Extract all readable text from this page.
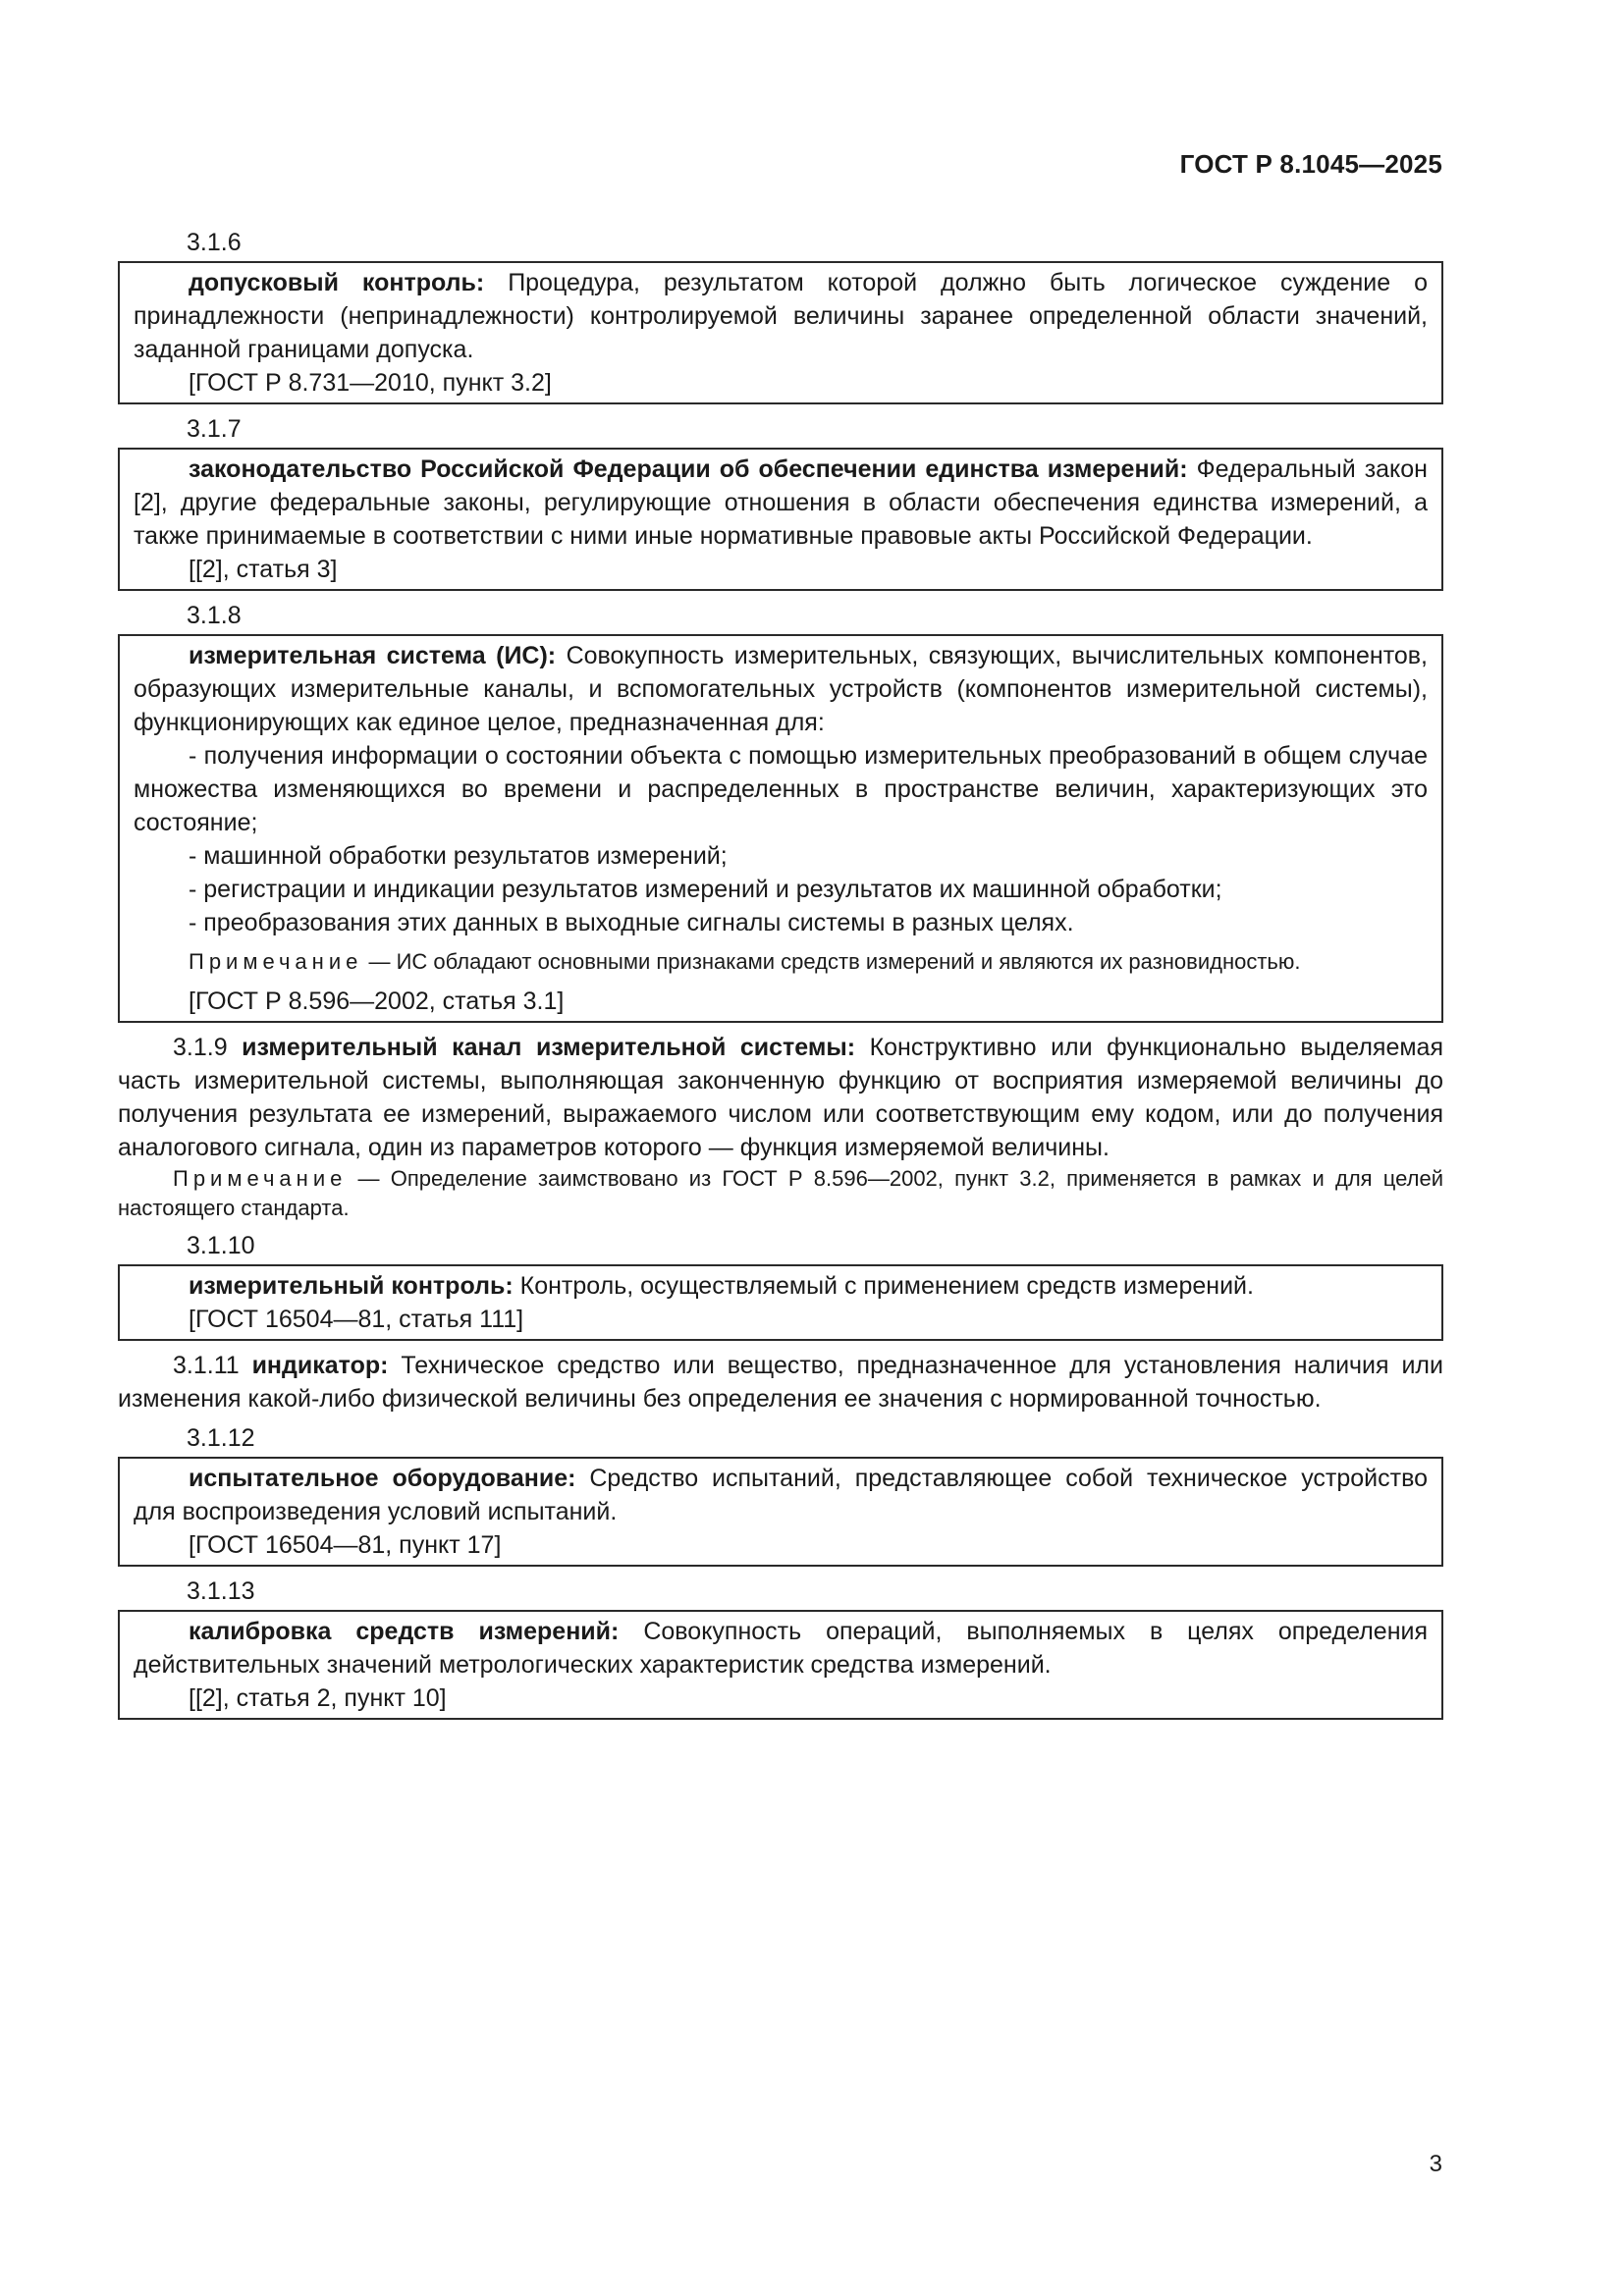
ГОСТ Р 8.1045—2025
3.1.6

допусковый контроль: Процедура, результатом которой должно быть логическое суждение о принадлежности (непринадлежности) контролируемой величины заранее определенной области значений, заданной границами допуска.

[ГОСТ Р 8.731—2010, пункт 3.2]

3.1.7

законодательство Российской Федерации об обеспечении единства измерений: Федеральный закон [2], другие федеральные законы, регулирующие отношения в области обеспечения единства измерений, а также принимаемые в соответствии с ними иные нормативные правовые акты Российской Федерации.

[[2], статья 3]

3.1.8

измерительная система (ИС): Совокупность измерительных, связующих, вычислительных компонентов, образующих измерительные каналы, и вспомогательных устройств (компонентов измерительной системы), функционирующих как единое целое, предназначенная для:

- получения информации о состоянии объекта с помощью измерительных преобразований в общем случае множества изменяющихся во времени и распределенных в пространстве величин, характеризующих это состояние;

- машинной обработки результатов измерений;

- регистрации и индикации результатов измерений и результатов их машинной обработки;

- преобразования этих данных в выходные сигналы системы в разных целях.

Примечание — ИС обладают основными признаками средств измерений и являются их разновидностью.

[ГОСТ Р 8.596—2002, статья 3.1]

3.1.9 измерительный канал измерительной системы: Конструктивно или функционально выделяемая часть измерительной системы, выполняющая законченную функцию от восприятия измеряемой величины до получения результата ее измерений, выражаемого числом или соответствующим ему кодом, или до получения аналогового сигнала, один из параметров которого — функция измеряемой величины.

Примечание — Определение заимствовано из ГОСТ Р 8.596—2002, пункт 3.2, применяется в рамках и для целей настоящего стандарта.

3.1.10

измерительный контроль: Контроль, осуществляемый с применением средств измерений.

[ГОСТ 16504—81, статья 111]

3.1.11 индикатор: Техническое средство или вещество, предназначенное для установления наличия или изменения какой-либо физической величины без определения ее значения с нормированной точностью.

3.1.12

испытательное оборудование: Средство испытаний, представляющее собой техническое устройство для воспроизведения условий испытаний.

[ГОСТ 16504—81, пункт 17]

3.1.13

калибровка средств измерений: Совокупность операций, выполняемых в целях определения действительных значений метрологических характеристик средства измерений.

[[2], статья 2, пункт 10]

3
